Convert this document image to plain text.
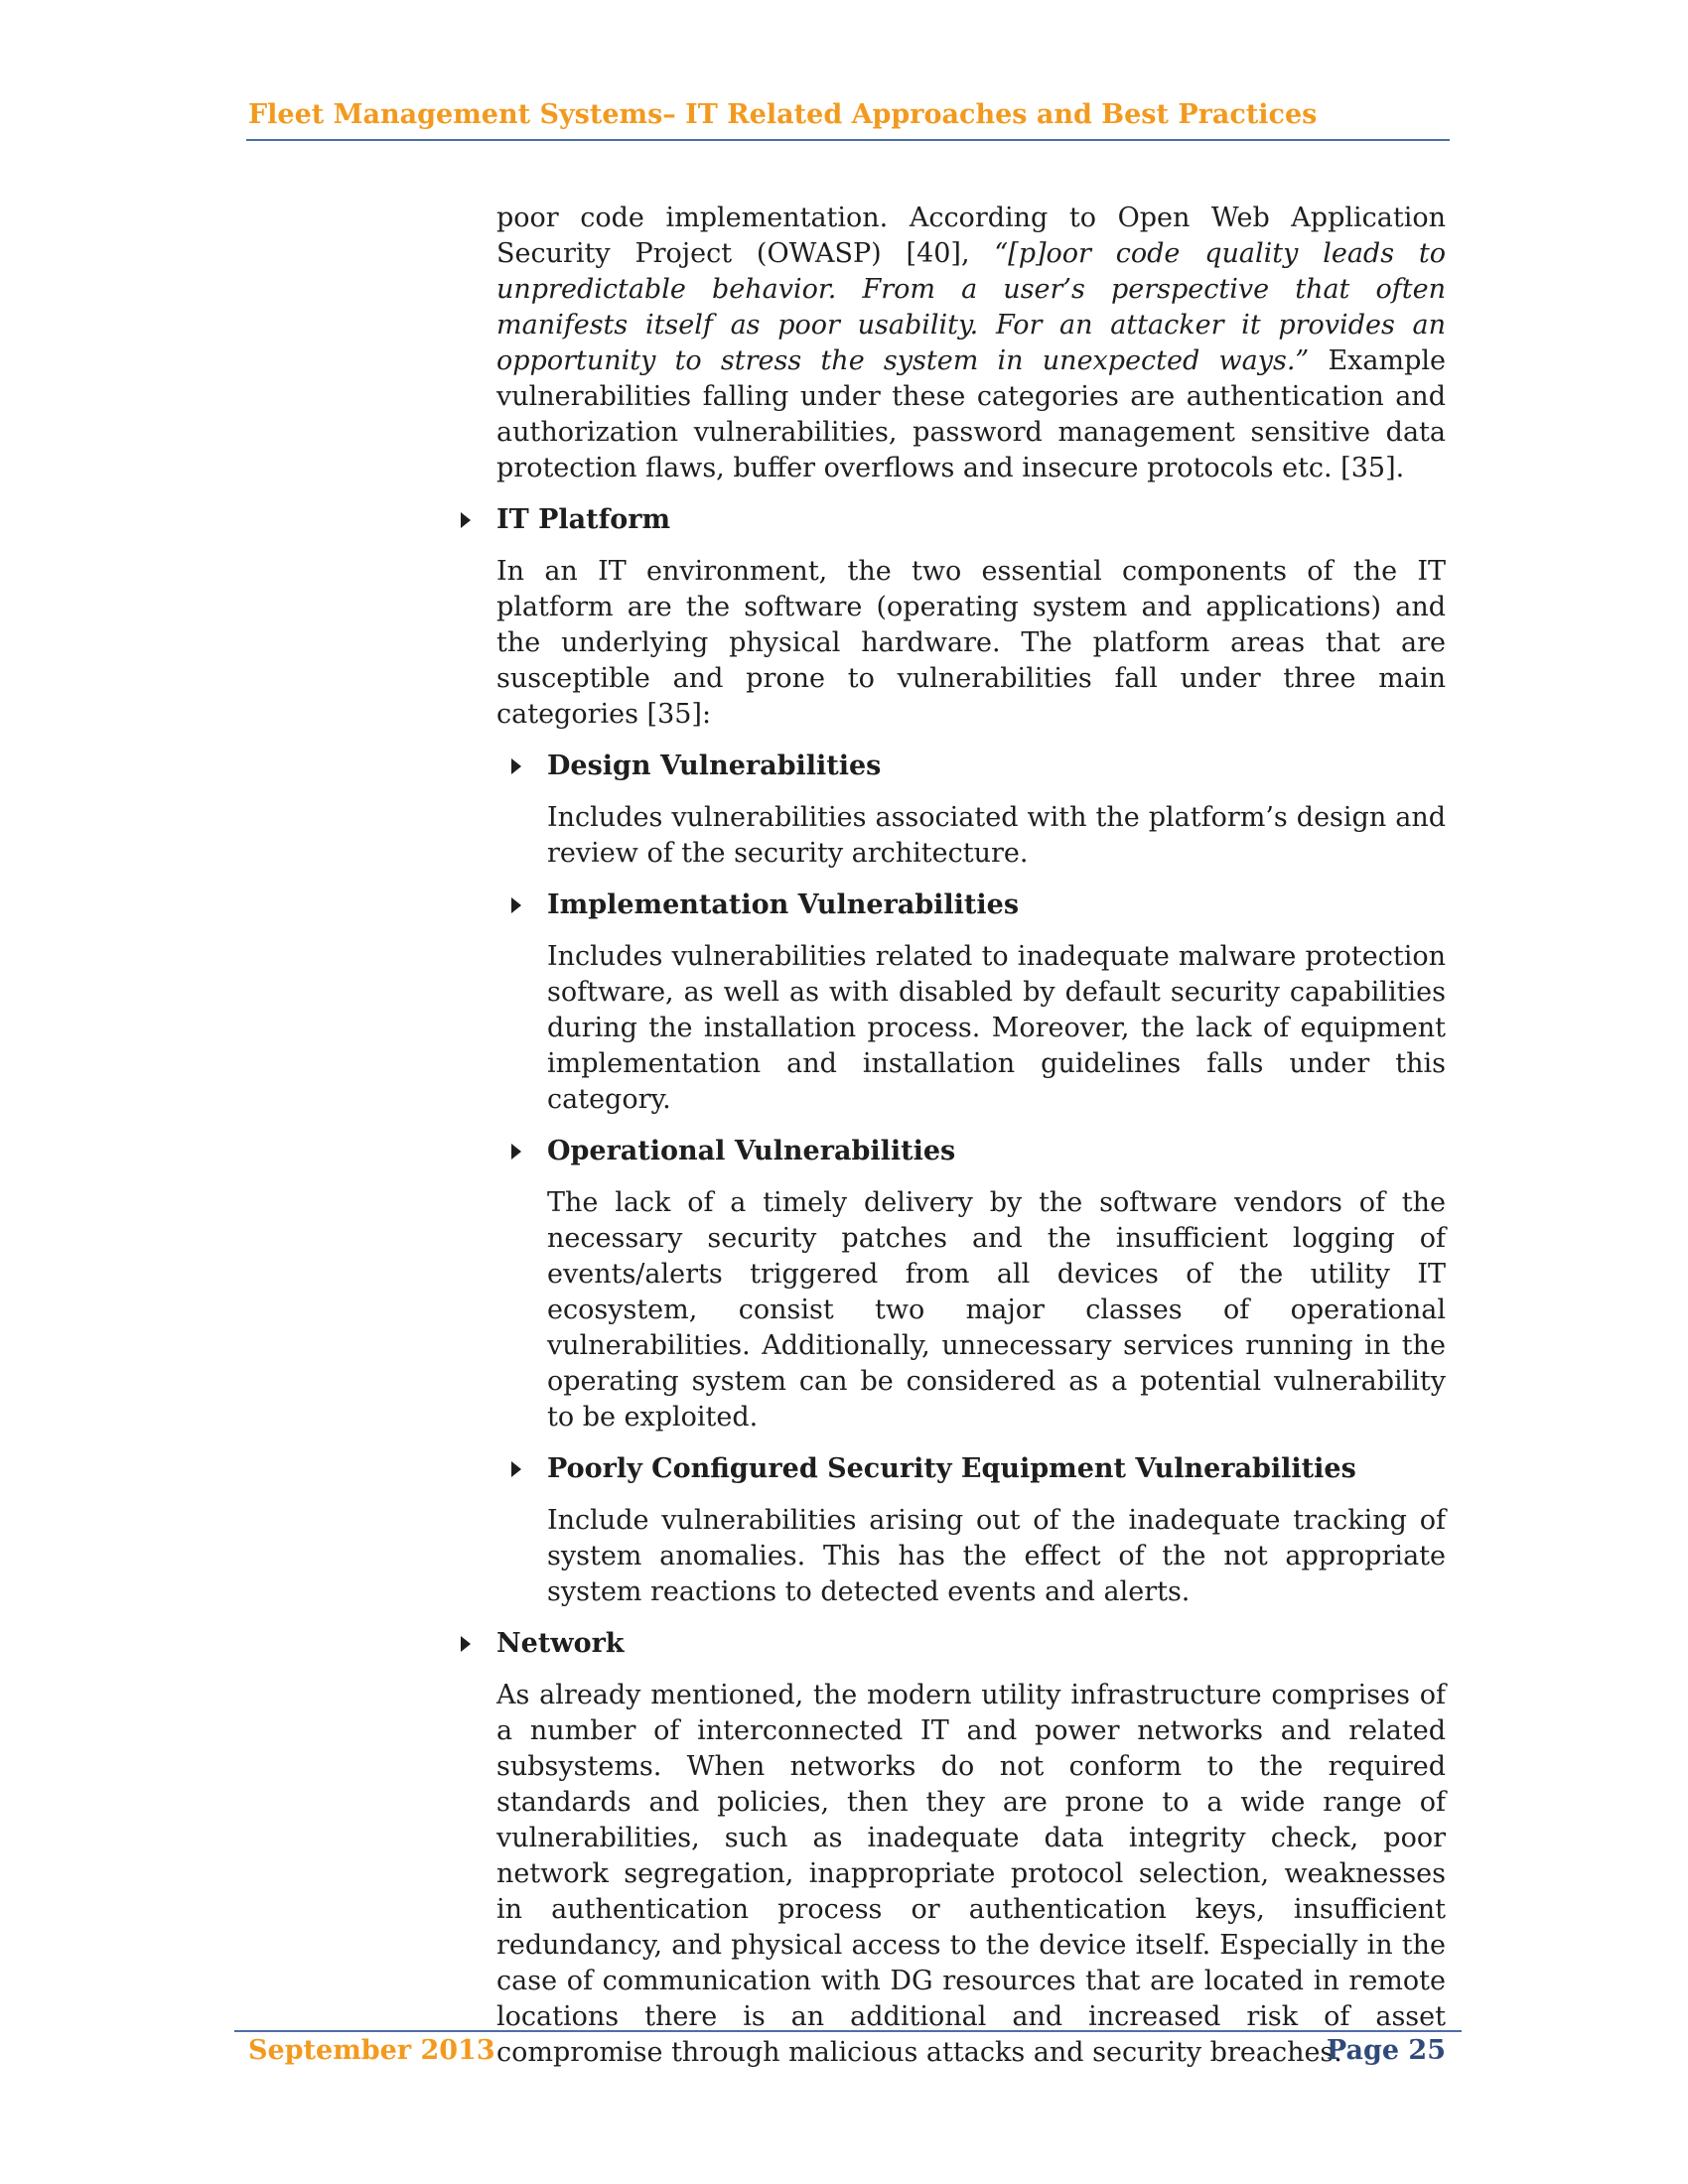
Fleet Management Systems– IT Related Approaches and Best Practices

poor code implementation. According to Open Web Application Security Project (OWASP) [40], “[p]oor code quality leads to unpredictable behavior. From a user’s perspective that often manifests itself as poor usability. For an attacker it provides an opportunity to stress the system in unexpected ways.” Example vulnerabilities falling under these categories are authentication and authorization vulnerabilities, password management sensitive data protection flaws, buffer overflows and insecure protocols etc. [35].

IT Platform

In an IT environment, the two essential components of the IT platform are the software (operating system and applications) and the underlying physical hardware. The platform areas that are susceptible and prone to vulnerabilities fall under three main categories [35]:

Design Vulnerabilities

Includes vulnerabilities associated with the platform’s design and review of the security architecture.

Implementation Vulnerabilities

Includes vulnerabilities related to inadequate malware protection software, as well as with disabled by default security capabilities during the installation process. Moreover, the lack of equipment implementation and installation guidelines falls under this category.

Operational Vulnerabilities

The lack of a timely delivery by the software vendors of the necessary security patches and the insufficient logging of events/alerts triggered from all devices of the utility IT ecosystem, consist two major classes of operational vulnerabilities. Additionally, unnecessary services running in the operating system can be considered as a potential vulnerability to be exploited.

Poorly Configured Security Equipment Vulnerabilities

Include vulnerabilities arising out of the inadequate tracking of system anomalies. This has the effect of the not appropriate system reactions to detected events and alerts.

Network

As already mentioned, the modern utility infrastructure comprises of a number of interconnected IT and power networks and related subsystems. When networks do not conform to the required standards and policies, then they are prone to a wide range of vulnerabilities, such as inadequate data integrity check, poor network segregation, inappropriate protocol selection, weaknesses in authentication process or authentication keys, insufficient redundancy, and physical access to the device itself. Especially in the case of communication with DG resources that are located in remote locations there is an additional and increased risk of asset compromise through malicious attacks and security breaches.

September 2013	Page 25
